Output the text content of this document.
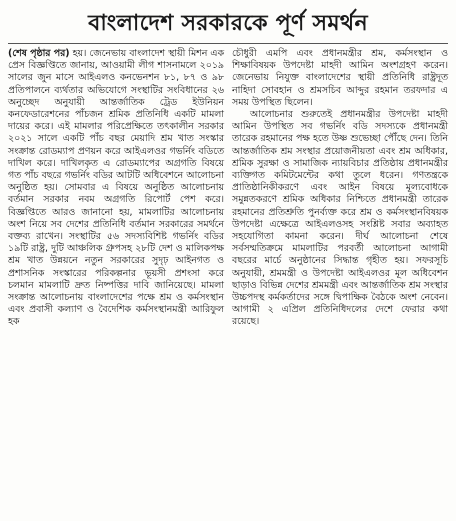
বাংলাদেশ সরকারকে পূর্ণ সমর্থন

(শেষ পৃষ্ঠার পর) হয়। জেনেভায় বাংলাদেশ স্থায়ী মিশন এক প্রেস বিজ্ঞপ্তিতে জানায়, আওয়ামী লীগ শাসনামলে ২০১৯ সালের জুন মাসে আইএলও কনভেনশন ৮১, ৮৭ ও ৯৮ প্রতিপালনে ব্যর্থতার অভিযোগে সংস্থাটির সংবিধানের ২৬ অনুচ্ছেদ অনুযায়ী আন্তর্জাতিক ট্রেড ইউনিয়ন কনফেডারেশনের পাঁচজন শ্রমিক প্রতিনিধি একটি মামলা দায়ের করে। এই মামলার পরিপ্রেক্ষিতে তৎকালীন সরকার ২০২১ সালে একটি পাঁচ বছর মেয়াদি শ্রম খাত সংস্কার সংক্রান্ত রোডম্যাপ প্রণয়ন করে আইএলওর গভর্নিং বডিতে দাখিল করে। দাখিলকৃত এ রোডম্যাপের অগ্রগতি বিষয়ে গত পাঁচ বছরে গভর্নিং বডির আটটি অধিবেশনে আলোচনা অনুষ্ঠিত হয়। সোমবার এ বিষয়ে অনুষ্ঠিত আলোচনায় বর্তমান সরকার নবম অগ্রগতি রিপোর্ট পেশ করে। বিজ্ঞপ্তিতে আরও জানানো হয়, মামলাটির আলোচনায় অংশ নিয়ে সব দেশের প্রতিনিধি বর্তমান সরকারের সমর্থনে বক্তব্য রাখেন। সংস্থাটির ৫৬ সদস্যবিশিষ্ট গভর্নিং বডির ১৯টি রাষ্ট্র, দুটি আঞ্চলিক গ্রুপসহ ২৮টি দেশ ও মালিকপক্ষ শ্রম খাত উন্নয়নে নতুন সরকারের সুদৃঢ় আইনগত ও প্রশাসনিক সংস্কারের পরিকল্পনার ভূয়সী প্রশংসা করে চলমান মামলাটি দ্রুত নিষ্পত্তির দাবি জানিয়েছে। মামলা সংক্রান্ত আলোচনায় বাংলাদেশের পক্ষে শ্রম ও কর্মসংস্থান এবং প্রবাসী কল্যাণ ও বৈদেশিক কর্মসংস্থানমন্ত্রী আরিফুল হক

চৌধুরী এমপি এবং প্রধানমন্ত্রীর শ্রম, কর্মসংস্থান ও শিক্ষাবিষয়ক উপদেষ্টা মাহদী আমিন অংশগ্রহণ করেন। জেনেভায় নিযুক্ত বাংলাদেশের স্থায়ী প্রতিনিধি রাষ্ট্রদূত নাহিদা সোবহান ও শ্রমসচিব আব্দুর রহমান তরফদার এ সময় উপস্থিত ছিলেন।

আলোচনার শুরুতেই প্রধানমন্ত্রীর উপদেষ্টা মাহদী আমিন উপস্থিত সব গভর্নিং বডি সদস্যকে প্রধানমন্ত্রী তারেক রহমানের পক্ষ হতে উষ্ণ শুভেচ্ছা পৌঁছে দেন। তিনি আন্তর্জাতিক শ্রম সংস্থার প্রয়োজনীয়তা এবং শ্রম অধিকার, শ্রমিক সুরক্ষা ও সামাজিক ন্যায়বিচার প্রতিষ্ঠায় প্রধানমন্ত্রীর ব্যক্তিগত কমিটমেন্টের কথা তুলে ধরেন। গণতন্ত্রকে প্রাতিষ্ঠানিকীকরণে এবং আইন বিষয়ে মূল্যবোধকে সমুন্নতকরণে শ্রমিক অধিকার নিশ্চিতে প্রধানমন্ত্রী তারেক রহমানের প্রতিশ্রুতি পুনর্ব্যক্ত করে শ্রম ও কর্মসংস্থানবিষয়ক উপদেষ্টা এক্ষেত্রে আইএলওসহ সংশ্লিষ্ট সবার অব্যাহত সহযোগিতা কামনা করেন। দীর্ঘ আলোচনা শেষে সর্বসম্মতিক্রমে মামলাটির পরবর্তী আলোচনা আগামী বছরের মার্চে অনুষ্ঠানের সিদ্ধান্ত গৃহীত হয়। সফরসূচি অনুযায়ী, শ্রমমন্ত্রী ও উপদেষ্টা আইএলওর মূল অধিবেশন ছাড়াও বিভিন্ন দেশের শ্রমমন্ত্রী এবং আন্তর্জাতিক শ্রম সংস্থার উচ্চপদস্থ কর্মকর্তাদের সঙ্গে দ্বিপাক্ষিক বৈঠকে অংশ নেবেন। আগামী ২ এপ্রিল প্রতিনিধিদলের দেশে ফেরার কথা রয়েছে।
